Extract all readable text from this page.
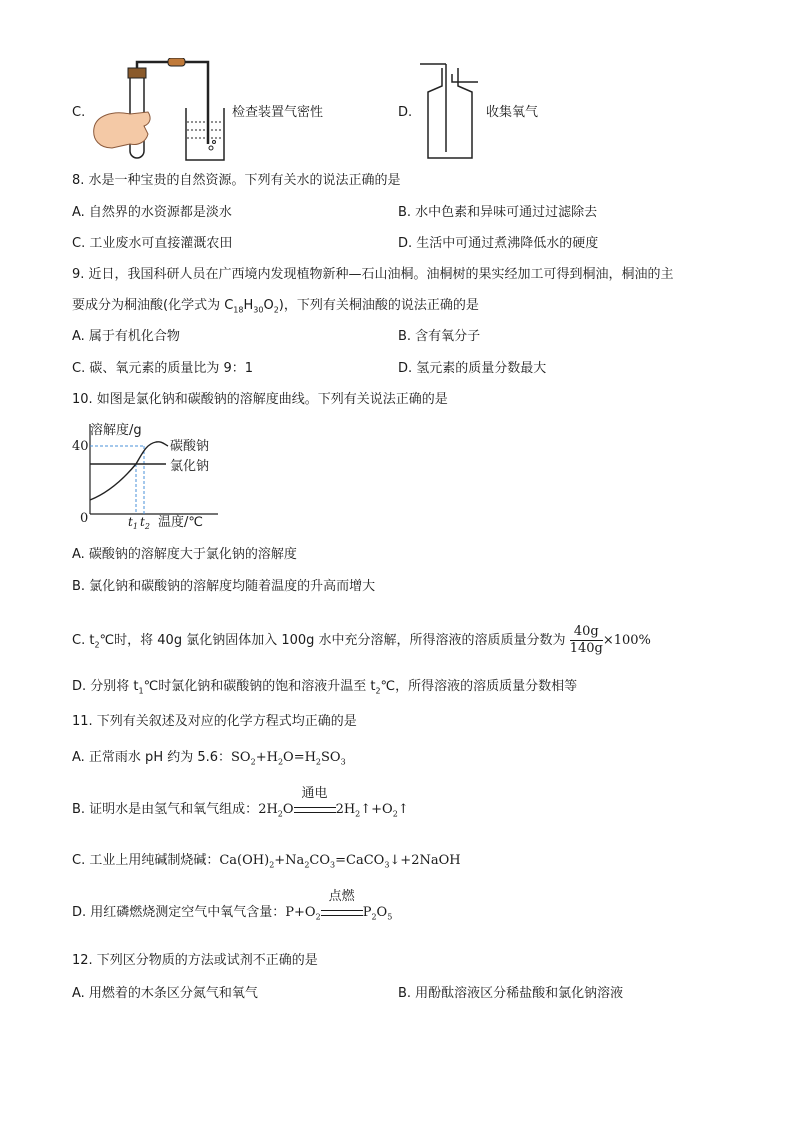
C.	检查装置气密性	D.	收集氧气
8. 水是一种宝贵的自然资源。下列有关水的说法正确的是
A. 自然界的水资源都是淡水	B. 水中色素和异味可通过过滤除去
C. 工业废水可直接灌溉农田	D. 生活中可通过煮沸降低水的硬度
9. 近日，我国科研人员在广西境内发现植物新种—石山油桐。油桐树的果实经加工可得到桐油，桐油的主
要成分为桐油酸(化学式为 $C_{18}H_{30}O_2$)，下列有关桐油酸的说法正确的是
A. 属于有机化合物	B. 含有氧分子
C. 碳、氧元素的质量比为 9：1	D. 氢元素的质量分数最大
10. 如图是氯化钠和碳酸钠的溶解度曲线。下列有关说法正确的是
40
0
溶解度/g
碳酸钠
氯化钠
$t_1$ $t_2$ 温度/℃
A. 碳酸钠的溶解度大于氯化钠的溶解度
B. 氯化钠和碳酸钠的溶解度均随着温度的升高而增大
C. $t_2℃$时，将 40g 氯化钠固体加入 100g 水中充分溶解，所得溶液的溶质质量分数为 $\frac{40g}{140g} \times 100\%$
D. 分别将 $t_1℃$时氯化钠和碳酸钠的饱和溶液升温至 $t_2℃$，所得溶液的溶质质量分数相等
11. 下列有关叙述及对应的化学方程式均正确的是
A. 正常雨水 pH 约为 5.6：$SO_2+H_2O=H_2SO_3$
B. 证明水是由氢气和氧气组成：$2H_2O$
通电
$2H_2↑+O_2↑$
C. 工业上用纯碱制烧碱：$Ca(OH)_2+Na_2CO_3=CaCO_3↓+2NaOH$
D. 用红磷燃烧测定空气中氧气含量：$P+O_2$
点燃
$P_2O_5$
12. 下列区分物质的方法或试剂不正确的是
A. 用燃着的木条区分氮气和氧气	B. 用酚酞溶液区分稀盐酸和氯化钠溶液
